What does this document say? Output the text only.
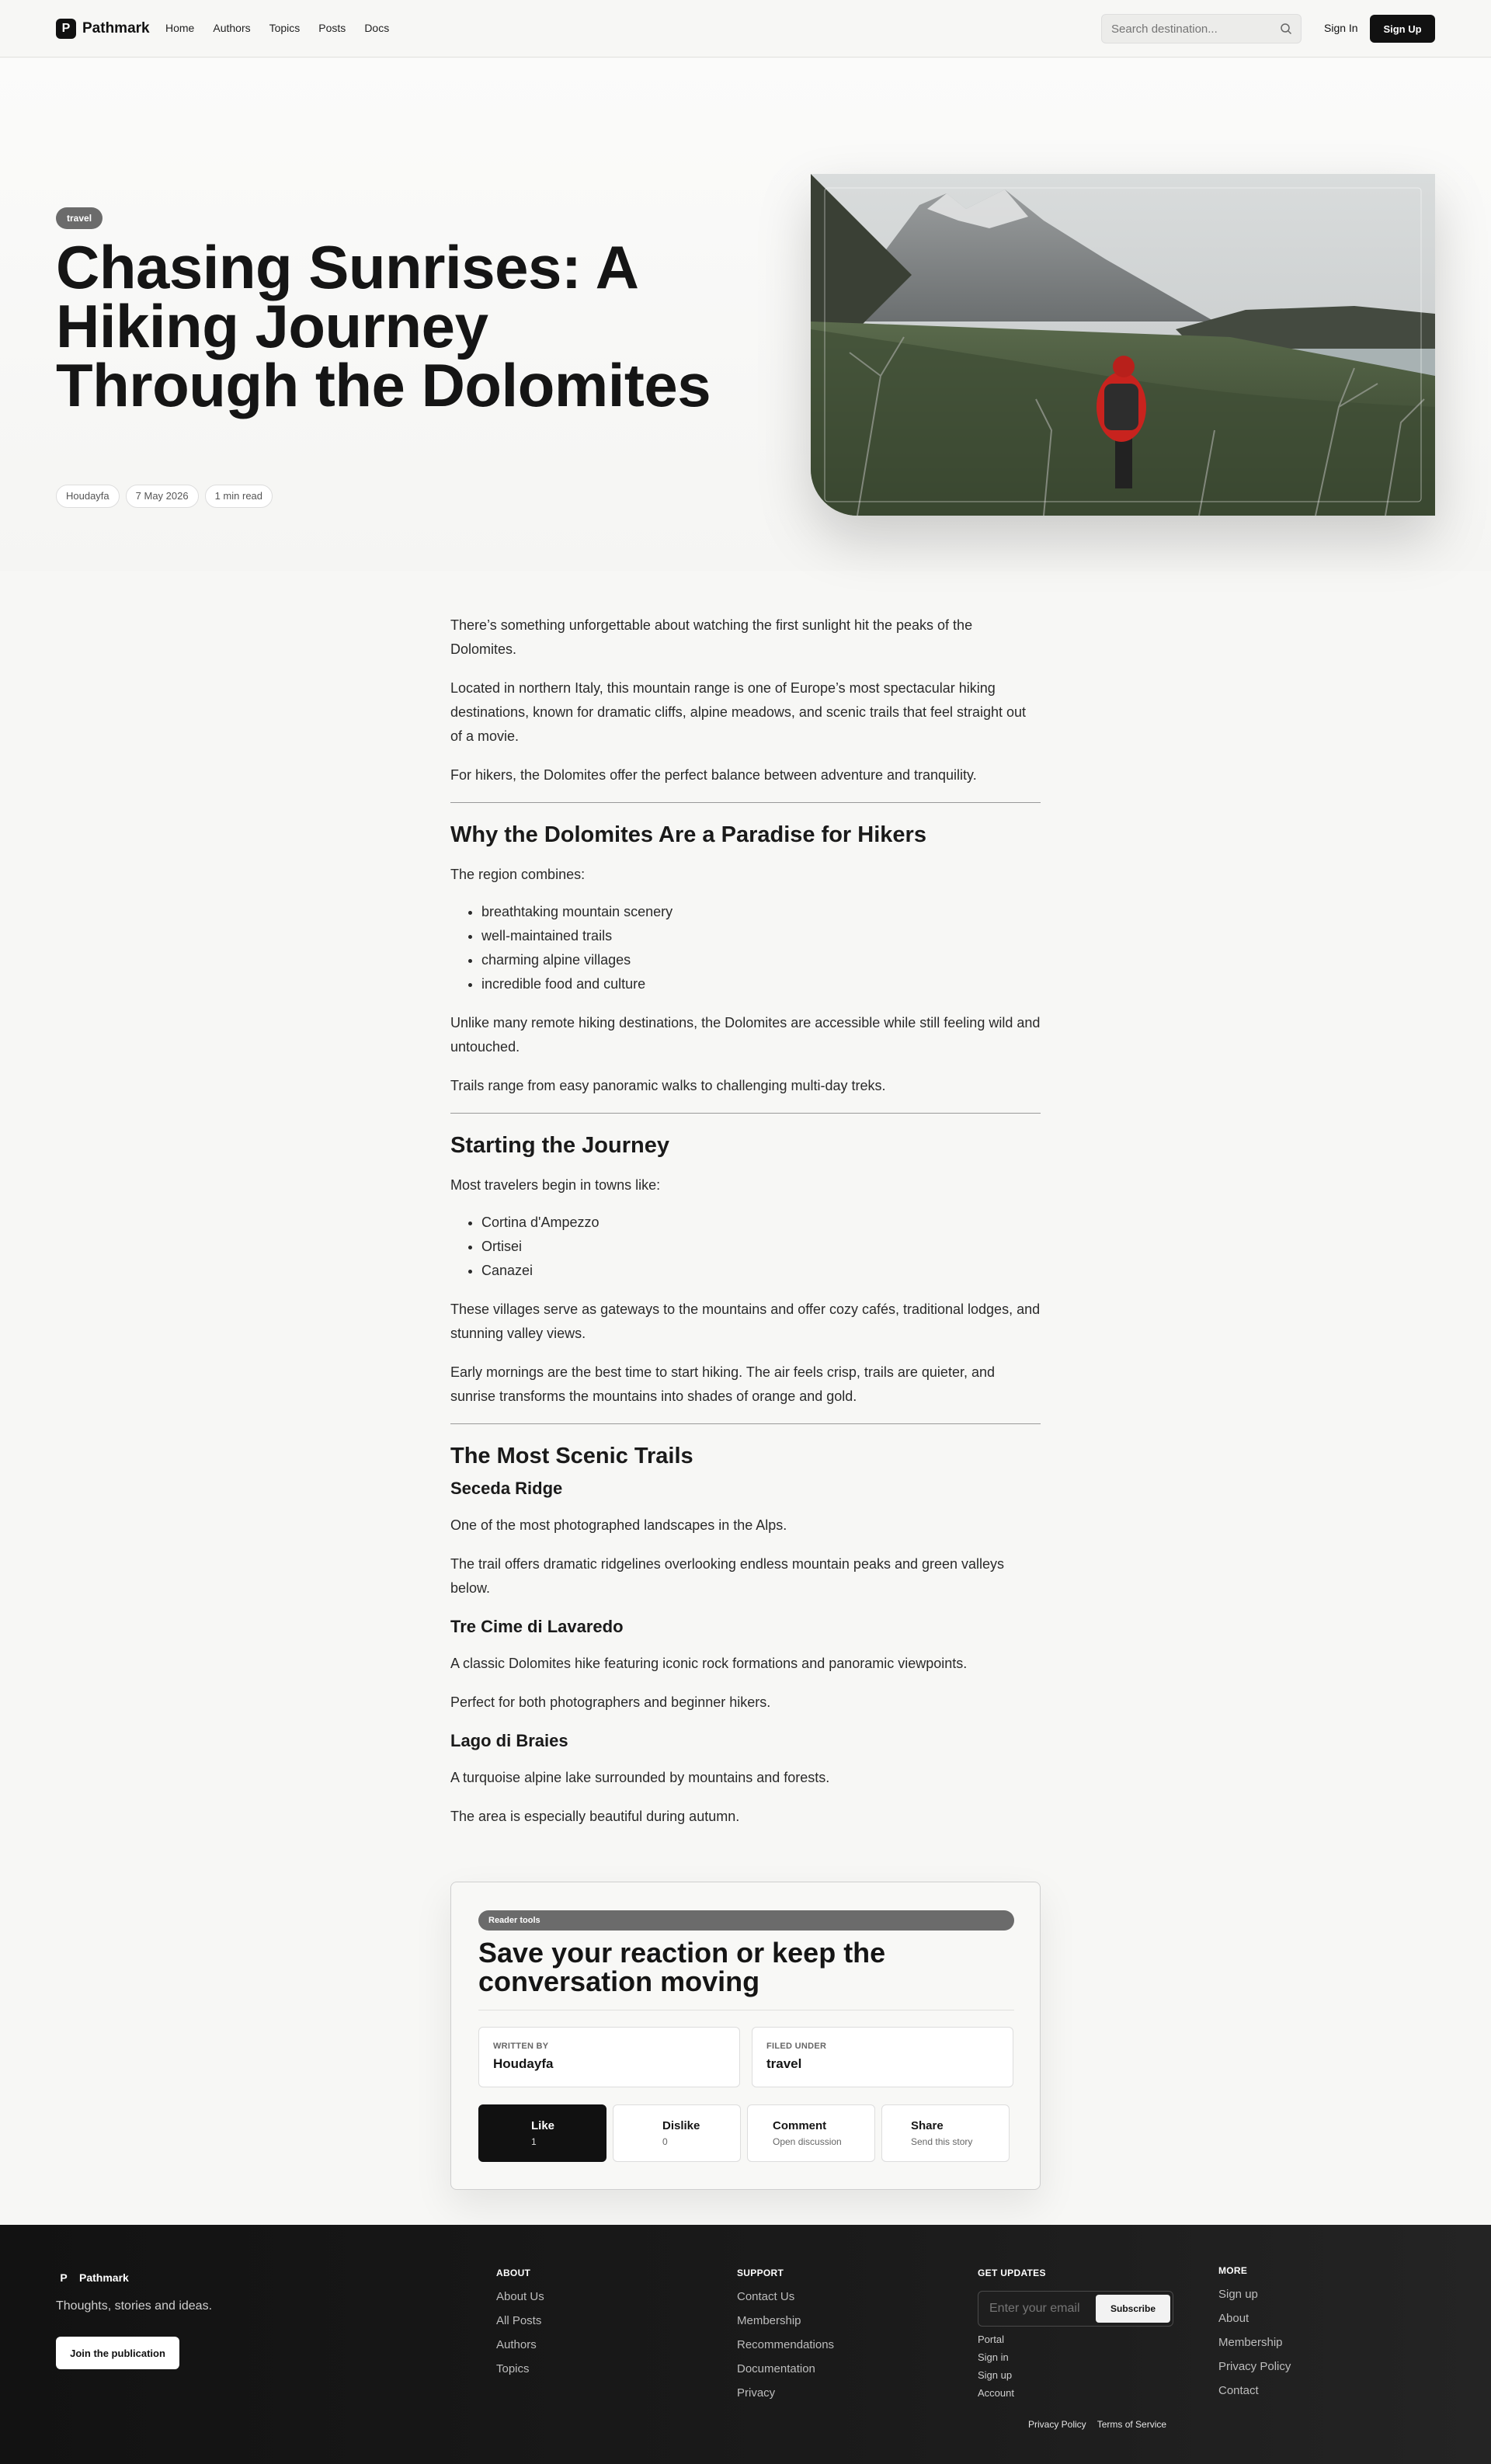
P Pathmark Home Authors Topics Posts Docs
Search destination...	Sign In	Sign Up
travel
Chasing Sunrises: A Hiking Journey Through the Dolomites
Houdayfa	7 May 2026	1 min read

There’s something unforgettable about watching the first sunlight hit the peaks of the Dolomites.

Located in northern Italy, this mountain range is one of Europe’s most spectacular hiking destinations, known for dramatic cliffs, alpine meadows, and scenic trails that feel straight out of a movie.

For hikers, the Dolomites offer the perfect balance between adventure and tranquility.

Why the Dolomites Are a Paradise for Hikers

The region combines:

• breathtaking mountain scenery
• well-maintained trails
• charming alpine villages
• incredible food and culture

Unlike many remote hiking destinations, the Dolomites are accessible while still feeling wild and untouched.

Trails range from easy panoramic walks to challenging multi-day treks.

Starting the Journey

Most travelers begin in towns like:

• Cortina d'Ampezzo
• Ortisei
• Canazei

These villages serve as gateways to the mountains and offer cozy cafés, traditional lodges, and stunning valley views.

Early mornings are the best time to start hiking. The air feels crisp, trails are quieter, and sunrise transforms the mountains into shades of orange and gold.

The Most Scenic Trails
Seceda Ridge

One of the most photographed landscapes in the Alps.

The trail offers dramatic ridgelines overlooking endless mountain peaks and green valleys below.

Tre Cime di Lavaredo

A classic Dolomites hike featuring iconic rock formations and panoramic viewpoints.

Perfect for both photographers and beginner hikers.

Lago di Braies

A turquoise alpine lake surrounded by mountains and forests.

The area is especially beautiful during autumn.

Reader tools
Save your reaction or keep the conversation moving
WRITTEN BY
Houdayfa
FILED UNDER
travel
Like
1
Dislike
0
Comment
Open discussion
Share
Send this story
P	Pathmark
Thoughts, stories and ideas.
Join the publication
ABOUT
About Us
All Posts
Authors
Topics
SUPPORT
Contact Us
Membership
Recommendations
Documentation
Privacy
GET UPDATES
Enter your email
Subscribe
Portal
Sign in
Sign up
Account
MORE
Sign up
About
Membership
Privacy Policy
Contact
Privacy Policy Terms of Service
